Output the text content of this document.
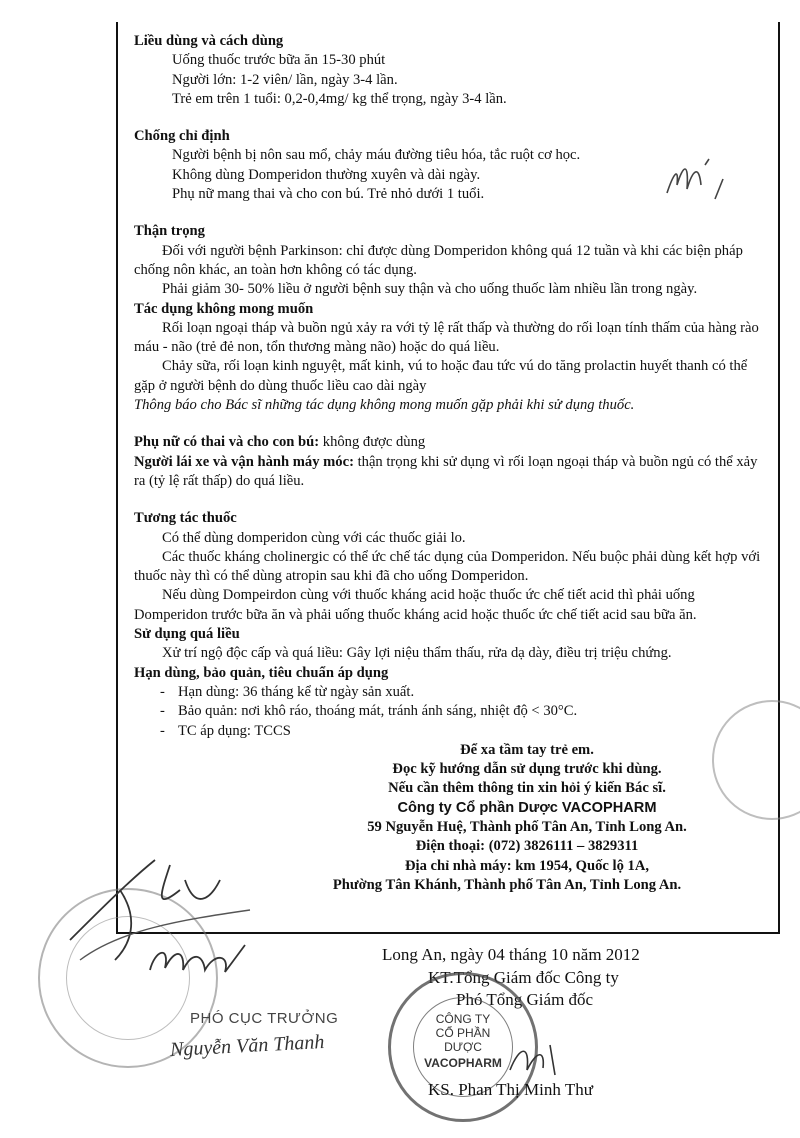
Liều dùng và cách dùng

Uống thuốc trước bữa ăn 15-30 phút

Người lớn: 1-2 viên/ lần, ngày 3-4 lần.

Trẻ em trên 1 tuổi: 0,2-0,4mg/ kg thể trọng, ngày 3-4 lần.

Chống chỉ định

Người bệnh bị nôn sau mổ, chảy máu đường tiêu hóa, tắc ruột cơ học.

Không dùng Domperidon thường xuyên và dài ngày.

Phụ nữ mang thai và cho con bú. Trẻ nhỏ dưới 1 tuổi.

Thận trọng

Đối với người bệnh Parkinson: chỉ được dùng Domperidon không quá 12 tuần và khi các biện pháp chống nôn khác, an toàn hơn không có tác dụng.

Phải giảm 30- 50% liều ở người bệnh suy thận và cho uống thuốc làm nhiều lần trong ngày.

Tác dụng không mong muốn

Rối loạn ngoại tháp và buồn ngủ xảy ra với tỷ lệ rất thấp và thường do rối loạn tính thấm của hàng rào máu - não (trẻ đẻ non, tổn thương màng não) hoặc do quá liều.

Chảy sữa, rối loạn kinh nguyệt, mất kinh, vú to hoặc đau tức vú do tăng prolactin huyết thanh có thể gặp ở người bệnh do dùng thuốc liều cao dài ngày

Thông báo cho Bác sĩ những tác dụng không mong muốn gặp phải khi sử dụng thuốc.

Phụ nữ có thai và cho con bú: không được dùng

Người lái xe và vận hành máy móc: thận trọng khi sử dụng vì rối loạn ngoại tháp và buồn ngủ có thể xảy ra (tỷ lệ rất thấp) do quá liều.

Tương tác thuốc

Có thể dùng domperidon cùng với các thuốc giải lo.

Các thuốc kháng cholinergic có thể ức chế tác dụng của Domperidon. Nếu buộc phải dùng kết hợp với thuốc này thì có thể dùng atropin sau khi đã cho uống Domperidon.

Nếu dùng Dompeirdon cùng với thuốc kháng acid hoặc thuốc ức chế tiết acid thì phải uống Domperidon trước bữa ăn và phải uống thuốc kháng acid hoặc thuốc ức chế tiết acid sau bữa ăn.

Sử dụng quá liều

Xử trí ngộ độc cấp và quá liều: Gây lợi niệu thẩm thấu, rửa dạ dày, điều trị triệu chứng.

Hạn dùng, bảo quản, tiêu chuẩn áp dụng

- Hạn dùng: 36 tháng kể từ ngày sản xuất.
- Bảo quản: nơi khô ráo, thoáng mát, tránh ánh sáng, nhiệt độ < 30°C.
- TC áp dụng: TCCS

Để xa tầm tay trẻ em.

Đọc kỹ hướng dẫn sử dụng trước khi dùng.

Nếu cần thêm thông tin xin hỏi ý kiến Bác sĩ.

Công ty Cổ phần Dược VACOPHARM

59 Nguyễn Huệ, Thành phố Tân An, Tỉnh Long An.

Điện thoại: (072) 3826111 – 3829311

Địa chỉ nhà máy: km 1954, Quốc lộ 1A,

Phường Tân Khánh, Thành phố Tân An, Tỉnh Long An.

PHÓ CỤC TRƯỞNG
Nguyễn Văn Thanh
Long An, ngày 04 tháng 10 năm 2012
KT.Tổng Giám đốc Công ty
Phó Tổng Giám đốc
CÔNG TY
CỔ PHẦN
DƯỢC
VACOPHARM
KS. Phan Thị Minh Thư
